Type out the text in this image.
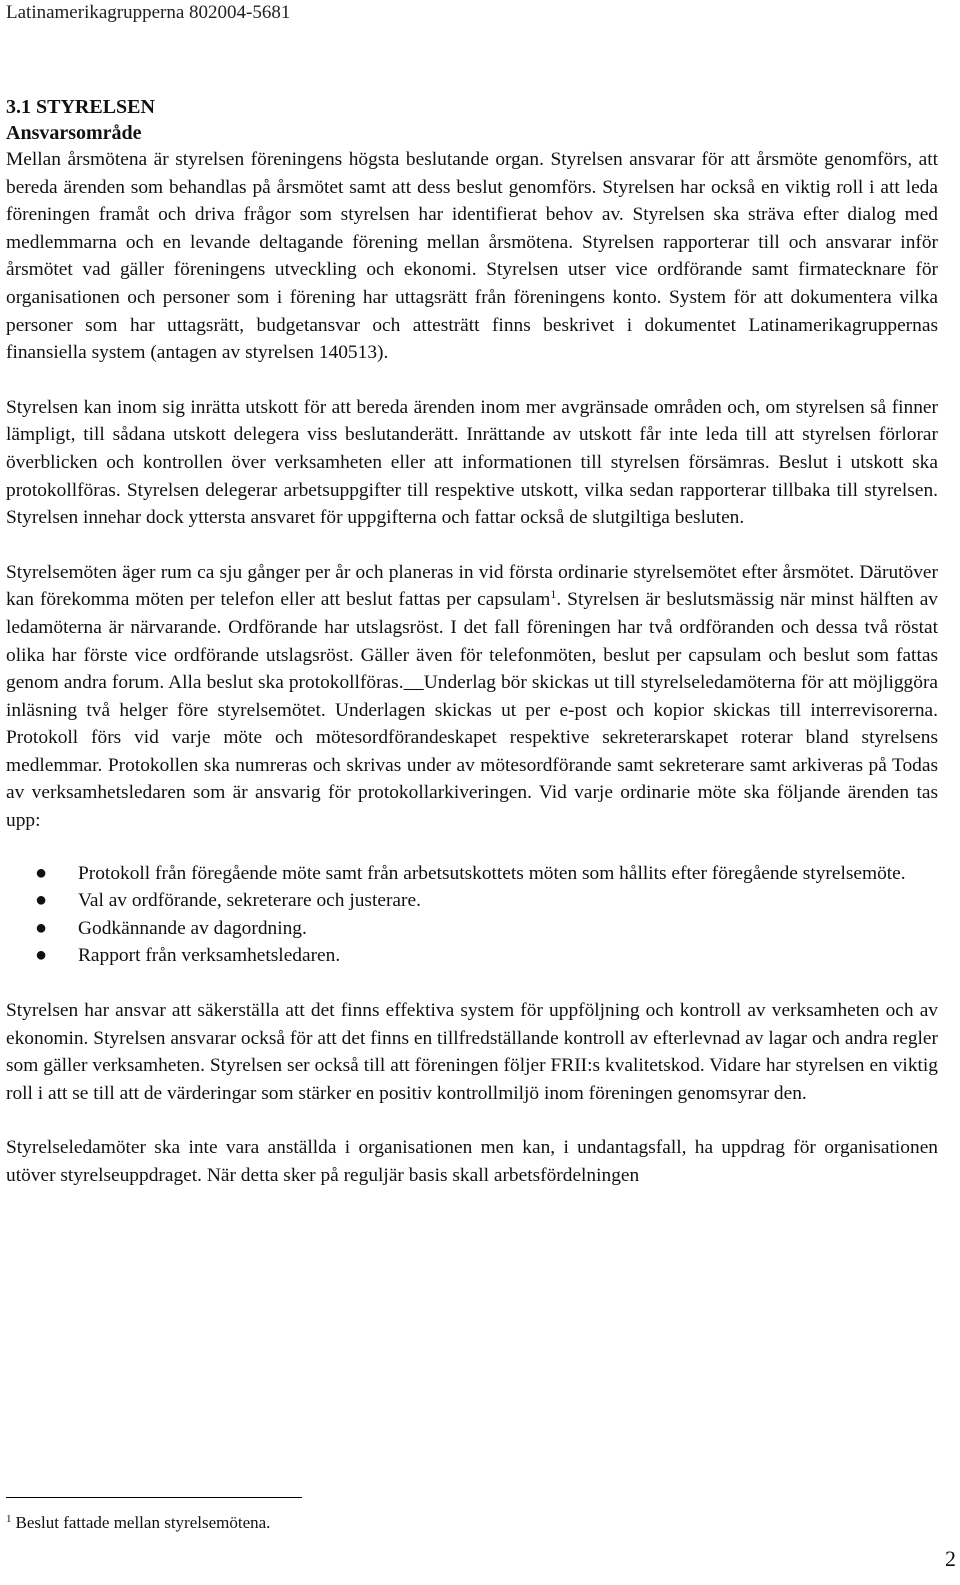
Latinamerikagrupperna 802004-5681
3.1 STYRELSEN
Ansvarsområde

Mellan årsmötena är styrelsen föreningens högsta beslutande organ. Styrelsen ansvarar för att årsmöte genomförs, att bereda ärenden som behandlas på årsmötet samt att dess beslut genomförs. Styrelsen har också en viktig roll i att leda föreningen framåt och driva frågor som styrelsen har identifierat behov av. Styrelsen ska sträva efter dialog med medlemmarna och en levande deltagande förening mellan årsmötena. Styrelsen rapporterar till och ansvarar inför årsmötet vad gäller föreningens utveckling och ekonomi. Styrelsen utser vice ordförande samt firmatecknare för organisationen och personer som i förening har uttagsrätt från föreningens konto. System för att dokumentera vilka personer som har uttagsrätt, budgetansvar och attesträtt finns beskrivet i dokumentet Latinamerikagruppernas finansiella system (antagen av styrelsen 140513).

Styrelsen kan inom sig inrätta utskott för att bereda ärenden inom mer avgränsade områden och, om styrelsen så finner lämpligt, till sådana utskott delegera viss beslutanderätt. Inrättande av utskott får inte leda till att styrelsen förlorar överblicken och kontrollen över verksamheten eller att informationen till styrelsen försämras. Beslut i utskott ska protokollföras. Styrelsen delegerar arbetsuppgifter till respektive utskott, vilka sedan rapporterar tillbaka till styrelsen. Styrelsen innehar dock yttersta ansvaret för uppgifterna och fattar också de slutgiltiga besluten.

Styrelsemöten äger rum ca sju gånger per år och planeras in vid första ordinarie styrelsemötet efter årsmötet. Därutöver kan förekomma möten per telefon eller att beslut fattas per capsulam$^1$. Styrelsen är beslutsmässig när minst hälften av ledamöterna är närvarande. Ordförande har utslagsröst. I det fall föreningen har två ordföranden och dessa två röstat olika har förste vice ordförande utslagsröst. Gäller även för telefonmöten, beslut per capsulam och beslut som fattas genom andra forum. Alla beslut ska protokollföras. Underlag bör skickas ut till styrelseledamöterna för att möjliggöra inläsning två helger före styrelsemötet. Underlagen skickas ut per e-post och kopior skickas till interrevisorerna. Protokoll förs vid varje möte och mötesordförandeskapet respektive sekreterarskapet roterar bland styrelsens medlemmar. Protokollen ska numreras och skrivas under av mötesordförande samt sekreterare samt arkiveras på Todas av verksamhetsledaren som är ansvarig för protokollarkiveringen. Vid varje ordinarie möte ska följande ärenden tas upp:

● Protokoll från föregående möte samt från arbetsutskottets möten som hållits efter föregående styrelsemöte.
● Val av ordförande, sekreterare och justerare.
● Godkännande av dagordning.
● Rapport från verksamhetsledaren.

Styrelsen har ansvar att säkerställa att det finns effektiva system för uppföljning och kontroll av verksamheten och av ekonomin. Styrelsen ansvarar också för att det finns en tillfredställande kontroll av efterlevnad av lagar och andra regler som gäller verksamheten. Styrelsen ser också till att föreningen följer FRII:s kvalitetskod. Vidare har styrelsen en viktig roll i att se till att de värderingar som stärker en positiv kontrollmiljö inom föreningen genomsyrar den.

Styrelseledamöter ska inte vara anställda i organisationen men kan, i undantagsfall, ha uppdrag för organisationen utöver styrelseuppdraget. När detta sker på reguljär basis skall arbetsfördelningen

$^1$ Beslut fattade mellan styrelsemötena.
2
